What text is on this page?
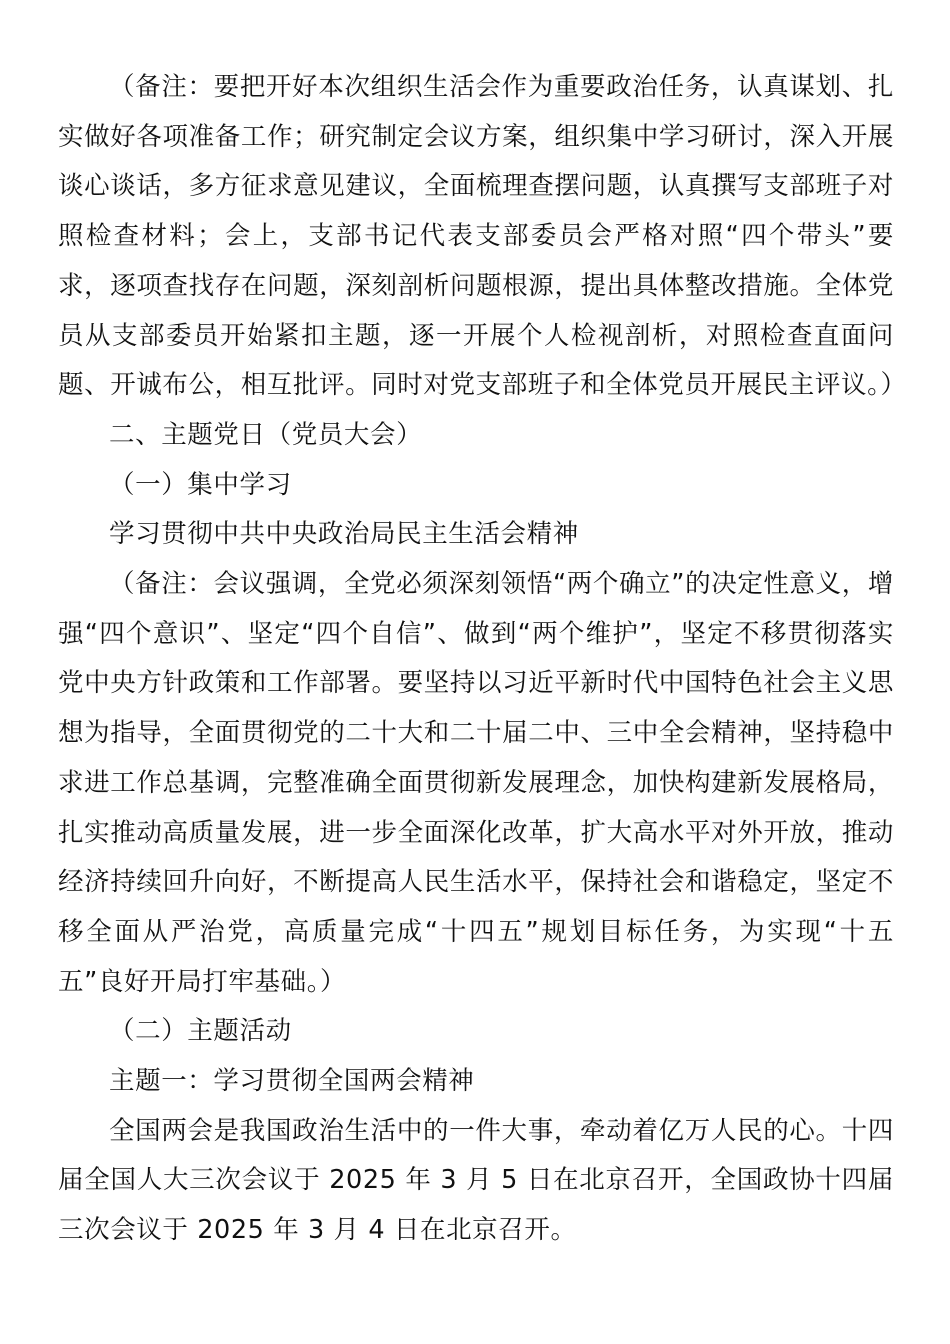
（备注：要把开好本次组织生活会作为重要政治任务，认真谋划、扎实做好各项准备工作；研究制定会议方案，组织集中学习研讨，深入开展谈心谈话，多方征求意见建议，全面梳理查摆问题，认真撰写支部班子对照检查材料；会上，支部书记代表支部委员会严格对照“四个带头”要求，逐项查找存在问题，深刻剖析问题根源，提出具体整改措施。全体党员从支部委员开始紧扣主题，逐一开展个人检视剖析，对照检查直面问题、开诚布公，相互批评。同时对党支部班子和全体党员开展民主评议。）

二、主题党日（党员大会）

（一）集中学习

学习贯彻中共中央政治局民主生活会精神

（备注：会议强调，全党必须深刻领悟“两个确立”的决定性意义，增强“四个意识”、坚定“四个自信”、做到“两个维护”，坚定不移贯彻落实党中央方针政策和工作部署。要坚持以习近平新时代中国特色社会主义思想为指导，全面贯彻党的二十大和二十届二中、三中全会精神，坚持稳中求进工作总基调，完整准确全面贯彻新发展理念，加快构建新发展格局，扎实推动高质量发展，进一步全面深化改革，扩大高水平对外开放，推动经济持续回升向好，不断提高人民生活水平，保持社会和谐稳定，坚定不移全面从严治党，高质量完成“十四五”规划目标任务，为实现“十五五”良好开局打牢基础。）

（二）主题活动

主题一：学习贯彻全国两会精神

全国两会是我国政治生活中的一件大事，牵动着亿万人民的心。十四届全国人大三次会议于 2025 年 3 月 5 日在北京召开，全国政协十四届三次会议于 2025 年 3 月 4 日在北京召开。
